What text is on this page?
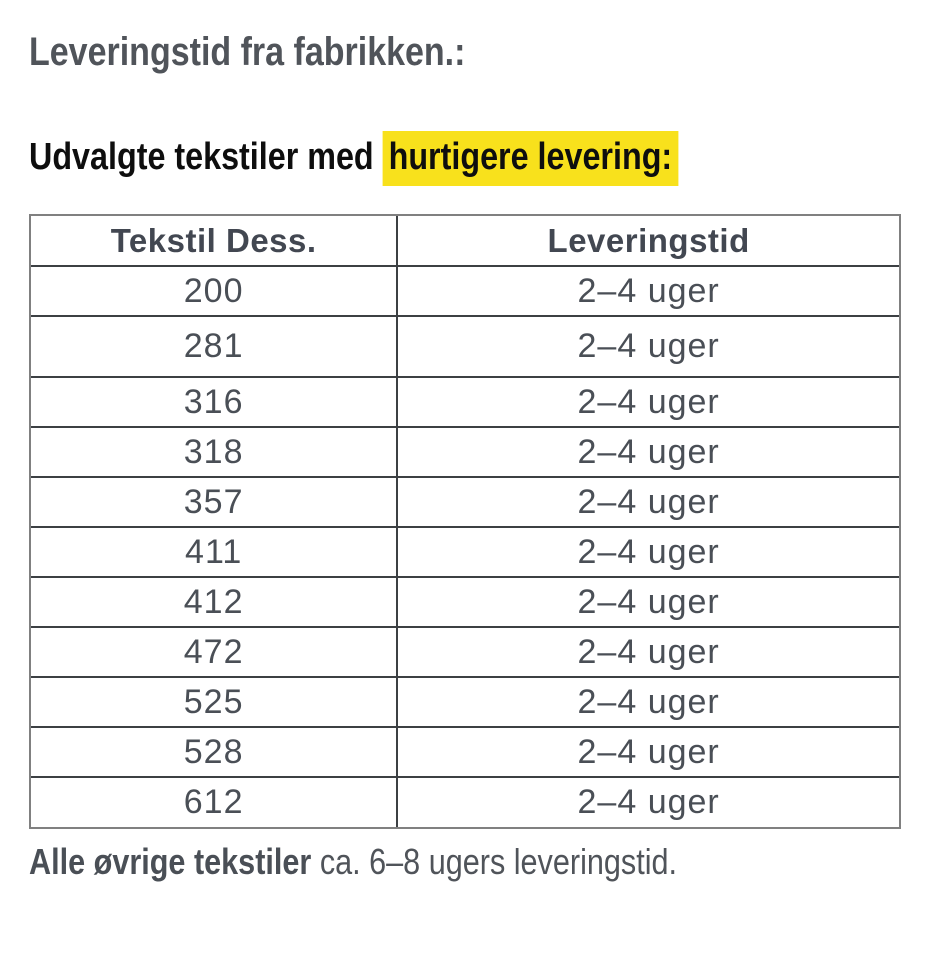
Leveringstid fra fabrikken.:
Udvalgte tekstiler med hurtigere levering:
Tekstil Dess.	Leveringstid
200	2–4 uger
281	2–4 uger
316	2–4 uger
318	2–4 uger
357	2–4 uger
411	2–4 uger
412	2–4 uger
472	2–4 uger
525	2–4 uger
528	2–4 uger
612	2–4 uger

Alle øvrige tekstiler ca. 6–8 ugers leveringstid.
